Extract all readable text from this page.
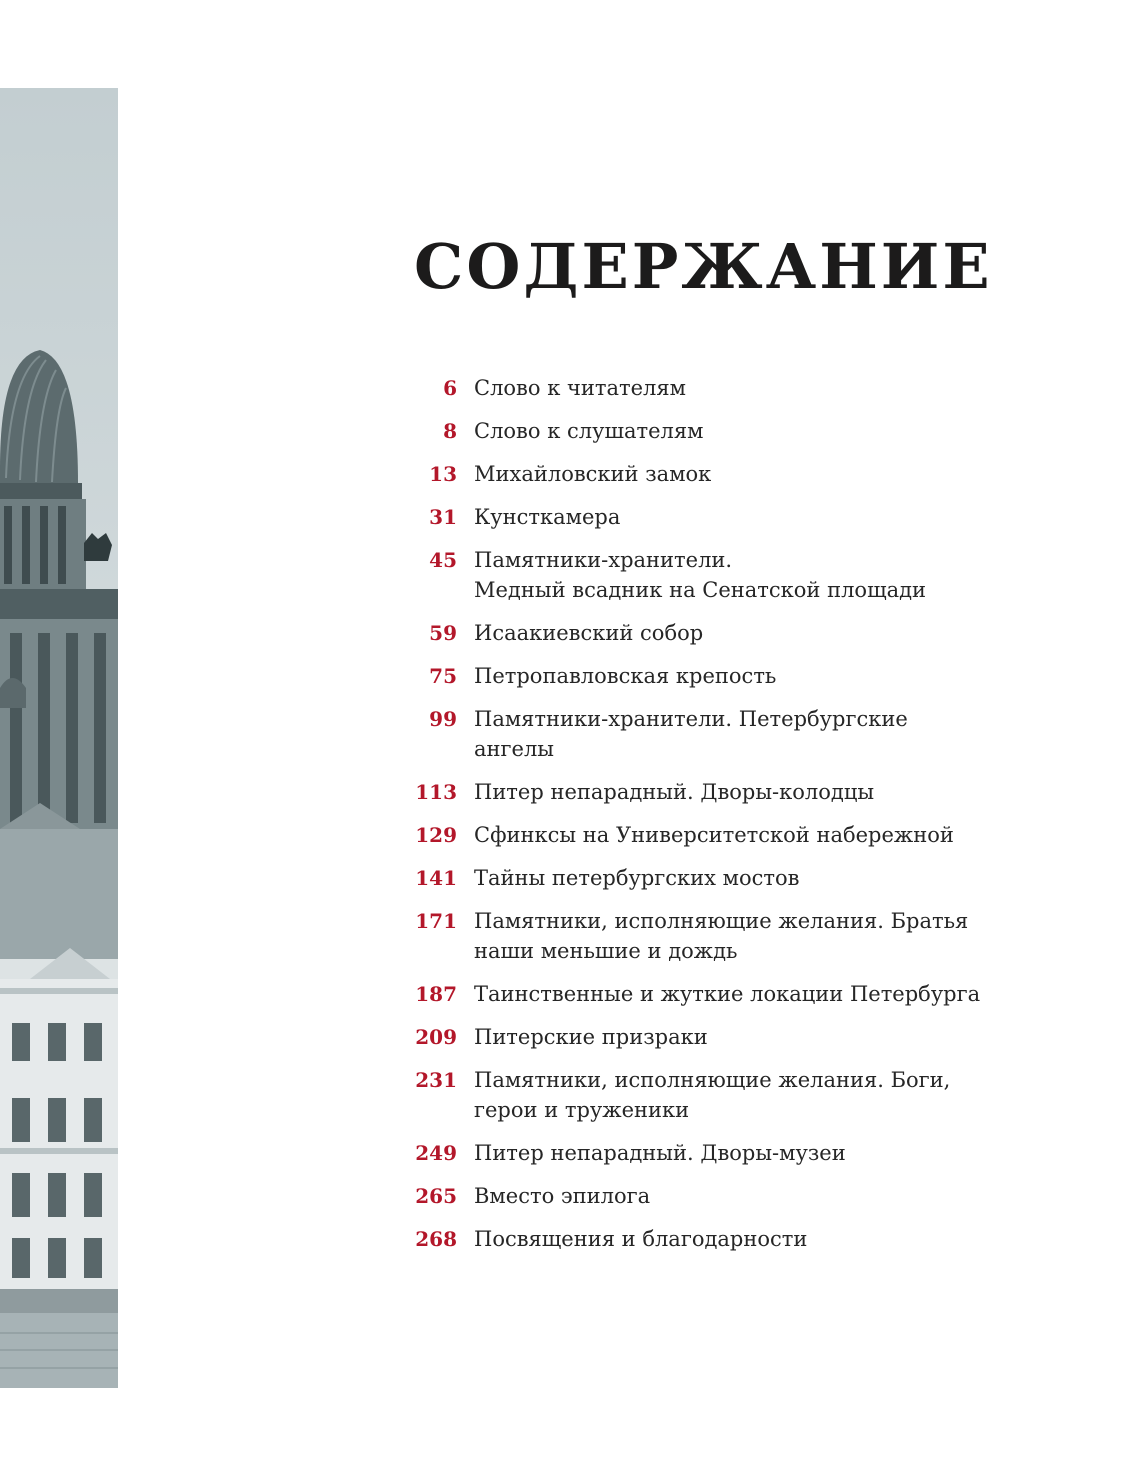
СОДЕРЖАНИЕ
6 Слово к читателям
8 Слово к слушателям
13 Михайловский замок
31 Кунсткамера
45 Памятники-хранители.
Медный всадник на Сенатской площади
59 Исаакиевский собор
75 Петропавловская крепость
99 Памятники-хранители. Петербургские
ангелы
113 Питер непарадный. Дворы-колодцы
129 Сфинксы на Университетской набережной
141 Тайны петербургских мостов
171 Памятники, исполняющие желания. Братья
наши меньшие и дождь
187 Таинственные и жуткие локации Петербурга
209 Питерские призраки
231 Памятники, исполняющие желания. Боги,
герои и труженики
249 Питер непарадный. Дворы-музеи
265 Вместо эпилога
268 Посвящения и благодарности
